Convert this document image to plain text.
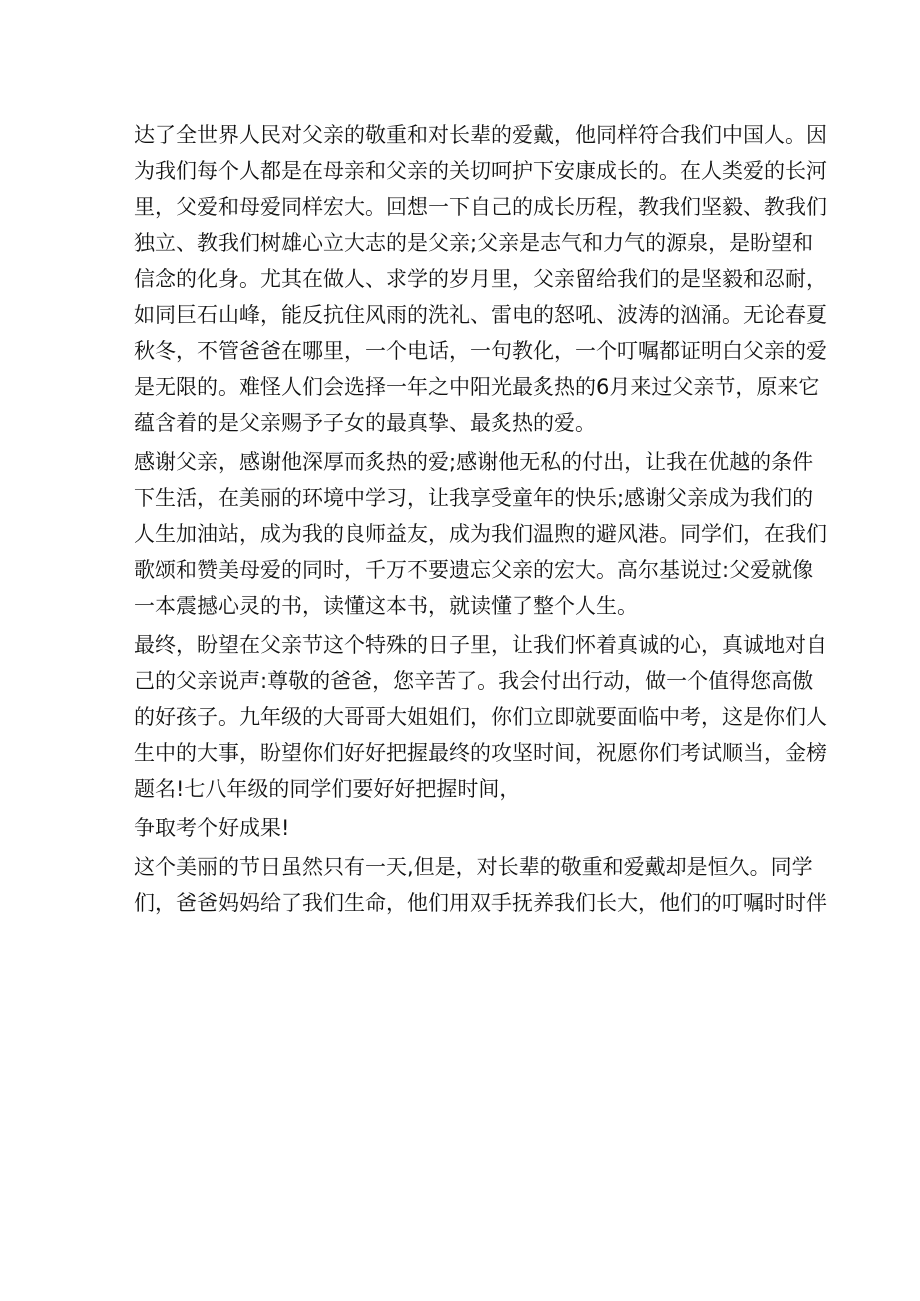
达了全世界人民对父亲的敬重和对长辈的爱戴，他同样符合我们中国人。因
为我们每个人都是在母亲和父亲的关切呵护下安康成长的。在人类爱的长河
里，父爱和母爱同样宏大。回想一下自己的成长历程，教我们坚毅、教我们
独立、教我们树雄心立大志的是父亲;父亲是志气和力气的源泉，是盼望和
信念的化身。尤其在做人、求学的岁月里，父亲留给我们的是坚毅和忍耐，
如同巨石山峰，能反抗住风雨的洗礼、雷电的怒吼、波涛的汹涌。无论春夏
秋冬，不管爸爸在哪里，一个电话，一句教化，一个叮嘱都证明白父亲的爱
是无限的。难怪人们会选择一年之中阳光最炙热的6月来过父亲节，原来它
蕴含着的是父亲赐予子女的最真挚、最炙热的爱。
感谢父亲，感谢他深厚而炙热的爱;感谢他无私的付出，让我在优越的条件
下生活，在美丽的环境中学习，让我享受童年的快乐;感谢父亲成为我们的
人生加油站，成为我的良师益友，成为我们温煦的避风港。同学们，在我们
歌颂和赞美母爱的同时，千万不要遗忘父亲的宏大。高尔基说过:父爱就像
一本震撼心灵的书，读懂这本书，就读懂了整个人生。
最终，盼望在父亲节这个特殊的日子里，让我们怀着真诚的心，真诚地对自
己的父亲说声:尊敬的爸爸，您辛苦了。我会付出行动，做一个值得您高傲
的好孩子。九年级的大哥哥大姐姐们，你们立即就要面临中考，这是你们人
生中的大事，盼望你们好好把握最终的攻坚时间，祝愿你们考试顺当，金榜
题名!七八年级的同学们要好好把握时间，
争取考个好成果!
这个美丽的节日虽然只有一天,但是，对长辈的敬重和爱戴却是恒久。同学
们，爸爸妈妈给了我们生命，他们用双手抚养我们长大，他们的叮嘱时时伴
